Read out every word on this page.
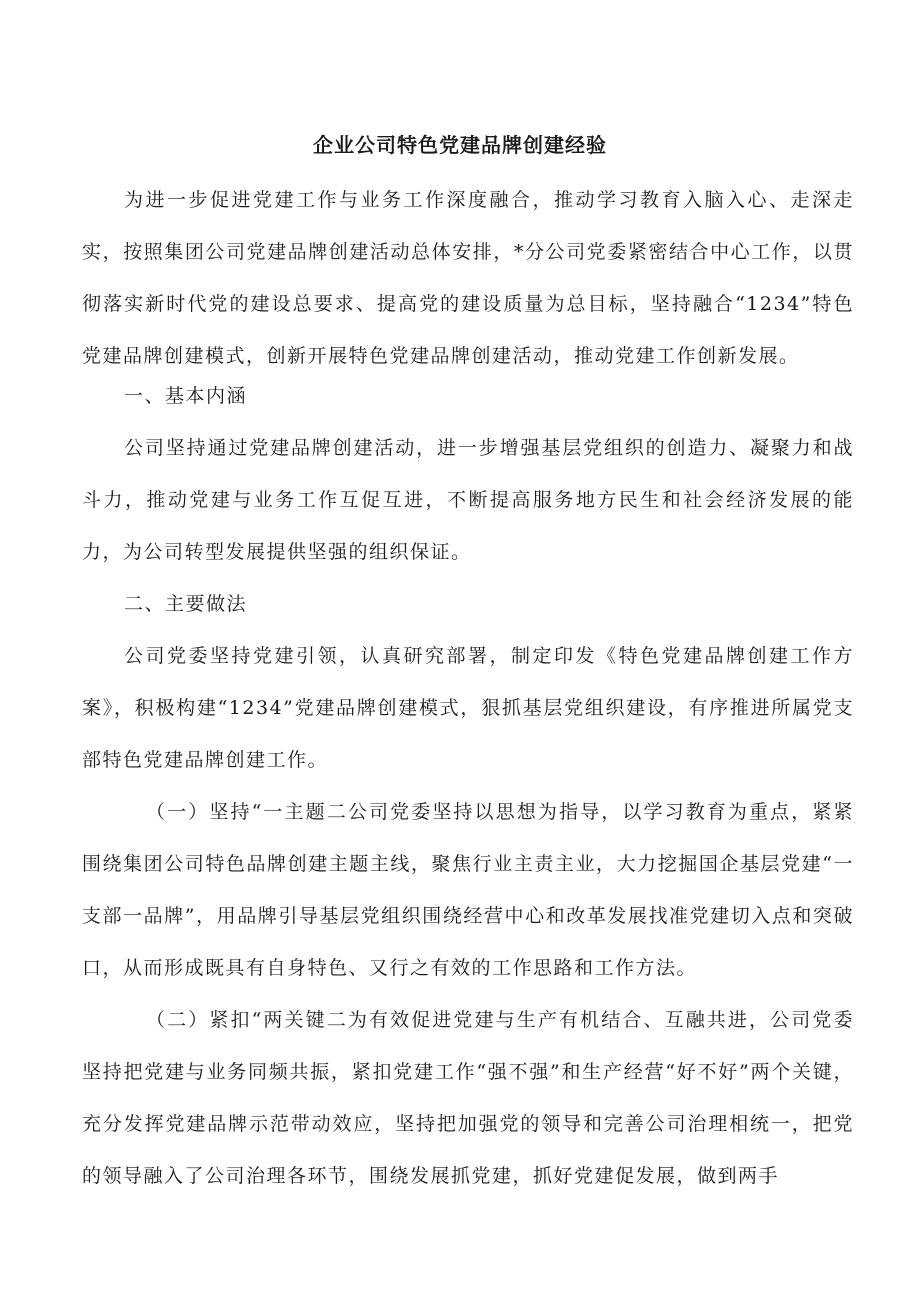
企业公司特色党建品牌创建经验

为进一步促进党建工作与业务工作深度融合，推动学习教育入脑入心、走深走实，按照集团公司党建品牌创建活动总体安排，*分公司党委紧密结合中心工作，以贯彻落实新时代党的建设总要求、提高党的建设质量为总目标，坚持融合“1234”特色党建品牌创建模式，创新开展特色党建品牌创建活动，推动党建工作创新发展。

一、基本内涵

公司坚持通过党建品牌创建活动，进一步增强基层党组织的创造力、凝聚力和战斗力，推动党建与业务工作互促互进，不断提高服务地方民生和社会经济发展的能力，为公司转型发展提供坚强的组织保证。

二、主要做法

公司党委坚持党建引领，认真研究部署，制定印发《特色党建品牌创建工作方案》，积极构建“1234”党建品牌创建模式，狠抓基层党组织建设，有序推进所属党支部特色党建品牌创建工作。

（一）坚持“一主题二公司党委坚持以思想为指导，以学习教育为重点，紧紧围绕集团公司特色品牌创建主题主线，聚焦行业主责主业，大力挖掘国企基层党建“一支部一品牌”，用品牌引导基层党组织围绕经营中心和改革发展找准党建切入点和突破口，从而形成既具有自身特色、又行之有效的工作思路和工作方法。

（二）紧扣“两关键二为有效促进党建与生产有机结合、互融共进，公司党委坚持把党建与业务同频共振，紧扣党建工作“强不强”和生产经营“好不好”两个关键，充分发挥党建品牌示范带动效应，坚持把加强党的领导和完善公司治理相统一，把党的领导融入了公司治理各环节，围绕发展抓党建，抓好党建促发展，做到两手
